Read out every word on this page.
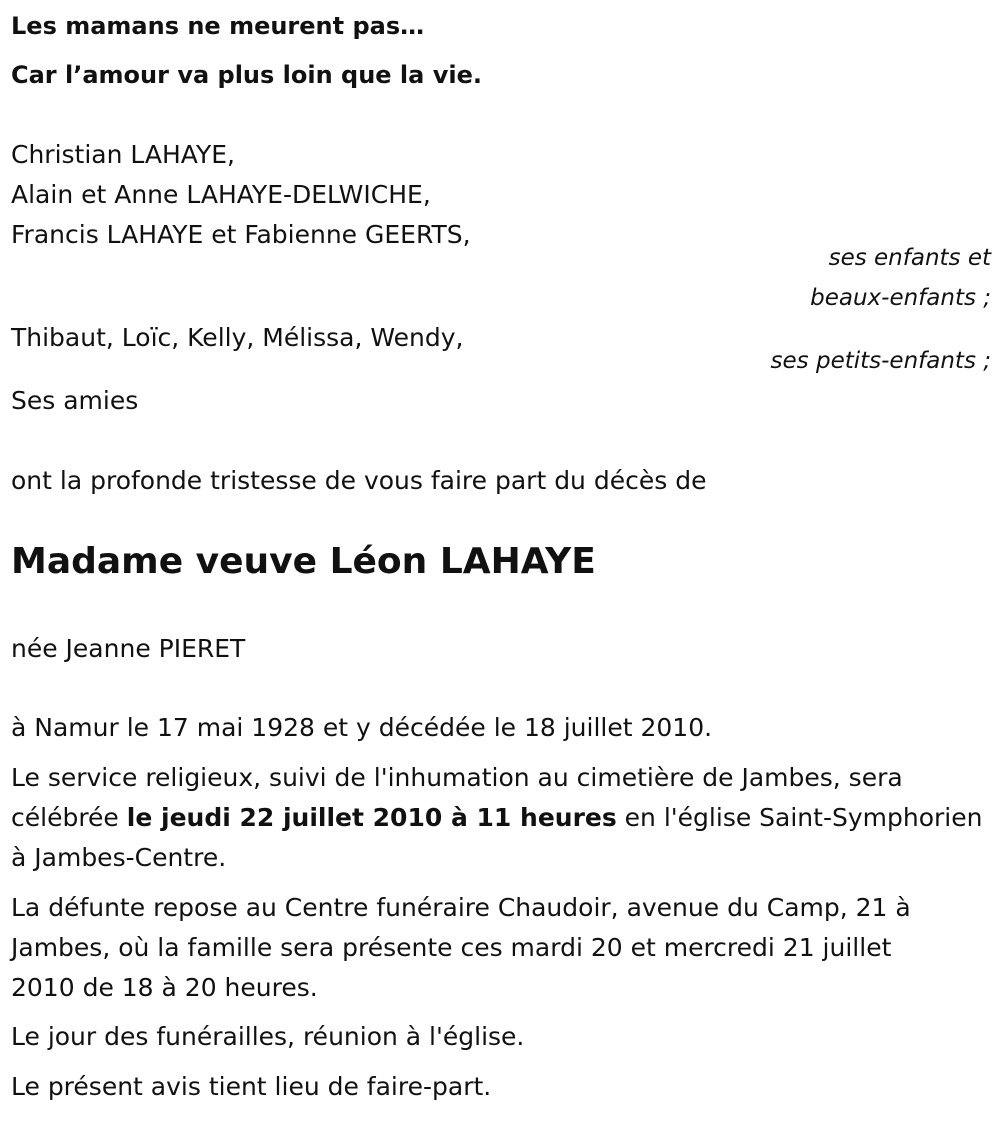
Les mamans ne meurent pas…
Car l’amour va plus loin que la vie.
Christian LAHAYE,
Alain et Anne LAHAYE-DELWICHE,
Francis LAHAYE et Fabienne GEERTS,
ses enfants et
beaux-enfants ;
Thibaut, Loïc, Kelly, Mélissa, Wendy,
ses petits-enfants ;
Ses amies
ont la profonde tristesse de vous faire part du décès de
Madame veuve Léon LAHAYE
née Jeanne PIERET
à Namur le 17 mai 1928 et y décédée le 18 juillet 2010.
Le service religieux, suivi de l'inhumation au cimetière de Jambes, sera
célébrée le jeudi 22 juillet 2010 à 11 heures en l'église Saint-Symphorien
à Jambes-Centre.
La défunte repose au Centre funéraire Chaudoir, avenue du Camp, 21 à
Jambes, où la famille sera présente ces mardi 20 et mercredi 21 juillet
2010 de 18 à 20 heures.
Le jour des funérailles, réunion à l'église.
Le présent avis tient lieu de faire-part.
